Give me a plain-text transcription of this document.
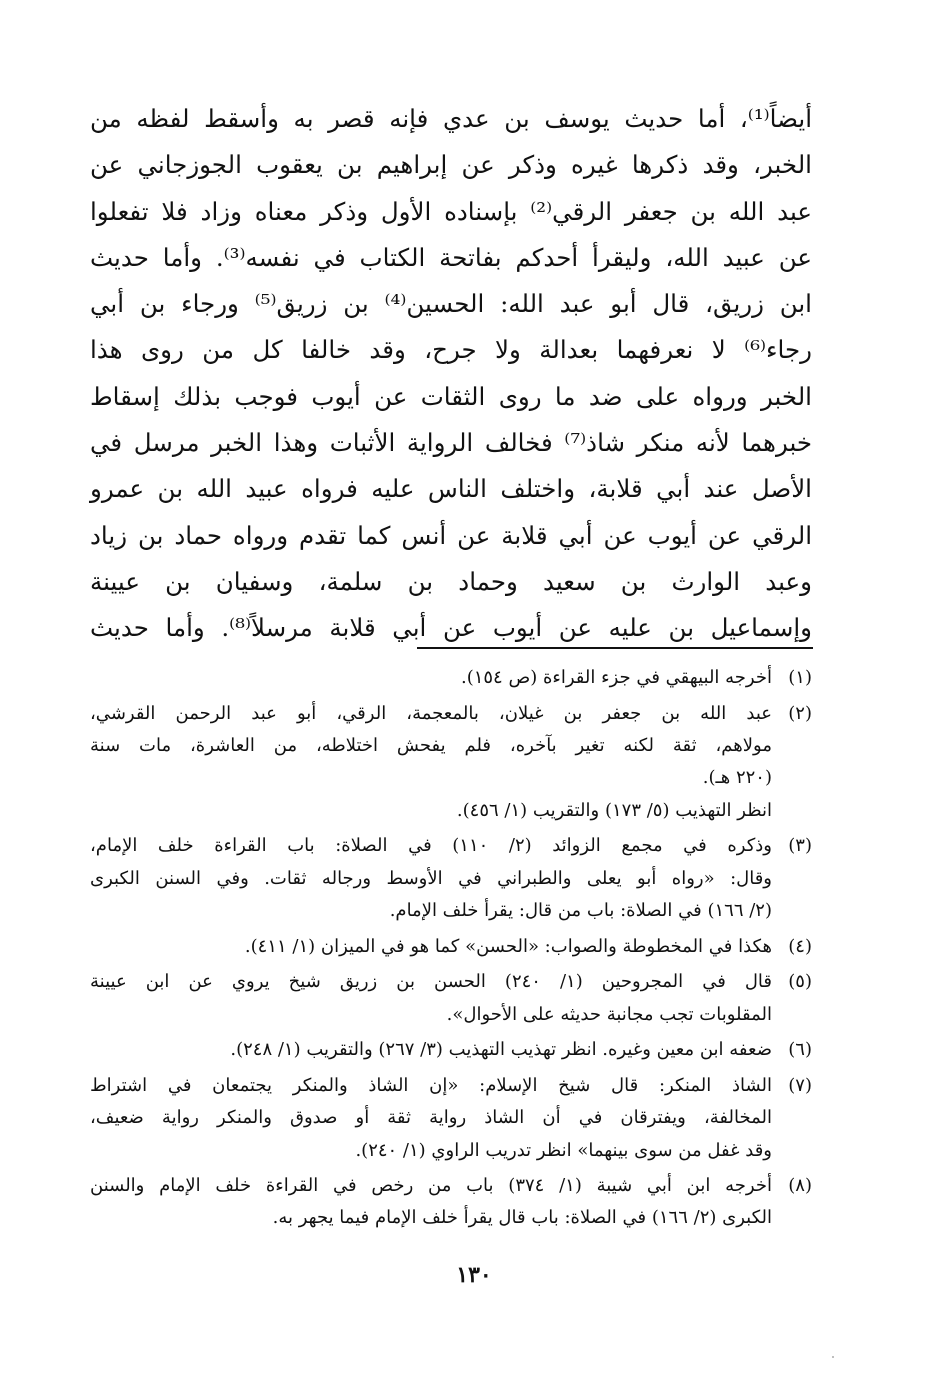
أيضاً⁽¹⁾، أما حديث يوسف بن عدي فإنه قصر به وأسقط لفظه من
الخبر، وقد ذكرها غيره وذكر عن إبراهيم بن يعقوب الجوزجاني عن
عبد الله بن جعفر الرقي⁽²⁾ بإسناده الأول وذكر معناه وزاد فلا تفعلوا
عن عبيد الله، وليقرأ أحدكم بفاتحة الكتاب في نفسه⁽³⁾. وأما حديث
ابن زريق، قال أبو عبد الله: الحسين⁽⁴⁾ بن زريق⁽⁵⁾ ورجاء بن أبي
رجاء⁽⁶⁾ لا نعرفهما بعدالة ولا جرح، وقد خالفا كل من روى هذا
الخبر ورواه على ضد ما روى الثقات عن أيوب فوجب بذلك إسقاط
خبرهما لأنه منكر شاذ⁽⁷⁾ فخالف الرواية الأثبات وهذا الخبر مرسل في
الأصل عند أبي قلابة، واختلف الناس عليه فرواه عبيد الله بن عمرو
الرقي عن أيوب عن أبي قلابة عن أنس كما تقدم ورواه حماد بن زياد
وعبد الوارث بن سعيد وحماد بن سلمة، وسفيان بن عيينة
وإسماعيل بن عليه عن أيوب عن أبي قلابة مرسلاً⁽⁸⁾. وأما حديث
(١)
أخرجه البيهقي في جزء القراءة (ص ١٥٤).
(٢)
عبد الله بن جعفر بن غيلان، بالمعجمة، الرقي، أبو عبد الرحمن القرشي،
مولاهم، ثقة لكنه تغير بآخره، فلم يفحش اختلاطه، من العاشرة، مات سنة
(٢٢٠ هـ).
انظر التهذيب (٥/ ١٧٣) والتقريب (١/ ٤٥٦).
(٣)
وذكره في مجمع الزوائد (٢/ ١١٠) في الصلاة: باب القراءة خلف الإمام،
وقال: «رواه أبو يعلى والطبراني في الأوسط ورجاله ثقات. وفي السنن الكبرى
(٢/ ١٦٦) في الصلاة: باب من قال: يقرأ خلف الإمام.
(٤)
هكذا في المخطوطة والصواب: «الحسن» كما هو في الميزان (١/ ٤١١).
(٥)
قال في المجروحين (١/ ٢٤٠) الحسن بن زريق شيخ يروي عن ابن عيينة
المقلوبات تجب مجانبة حديثه على الأحوال».
(٦)
ضعفه ابن معين وغيره. انظر تهذيب التهذيب (٣/ ٢٦٧) والتقريب (١/ ٢٤٨).
(٧)
الشاذ المنكر: قال شيخ الإسلام: «إن الشاذ والمنكر يجتمعان في اشتراط
المخالفة، ويفترقان في أن الشاذ رواية ثقة أو صدوق والمنكر رواية ضعيف،
وقد غفل من سوى بينهما» انظر تدريب الراوي (١/ ٢٤٠).
(٨)
أخرجه ابن أبي شيبة (١/ ٣٧٤) باب من رخص في القراءة خلف الإمام والسنن
الكبرى (٢/ ١٦٦) في الصلاة: باب قال يقرأ خلف الإمام فيما يجهر به.
١٣٠
